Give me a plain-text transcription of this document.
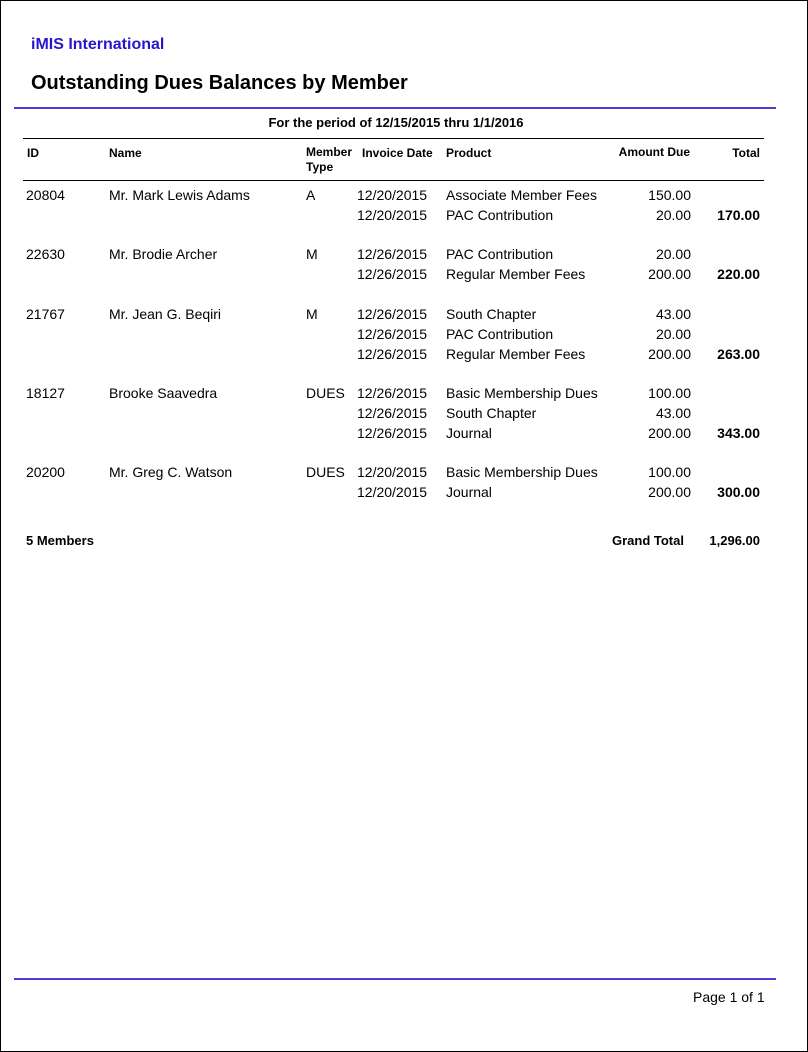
iMIS International
Outstanding Dues Balances by Member
For the period of 12/15/2015 thru 1/1/2016
ID	Name	Member
Type
Invoice Date Product	Amount Due	Total
20804	Mr. Mark Lewis Adams	A	12/20/2015 Associate Member Fees	150.00
12/20/2015 PAC Contribution	20.00	170.00
22630	Mr. Brodie Archer	M	12/26/2015 PAC Contribution	20.00
12/26/2015 Regular Member Fees	200.00	220.00
21767	Mr. Jean G. Beqiri	M	12/26/2015 South Chapter	43.00
12/26/2015 PAC Contribution	20.00
12/26/2015 Regular Member Fees	200.00	263.00
18127	Brooke Saavedra	DUES 12/26/2015 Basic Membership Dues	100.00
12/26/2015 South Chapter	43.00
12/26/2015 Journal	200.00	343.00
20200	Mr. Greg C. Watson	DUES 12/20/2015 Basic Membership Dues	100.00
12/20/2015 Journal	200.00	300.00
5 Members	Grand Total	1,296.00
Page 1 of 1
